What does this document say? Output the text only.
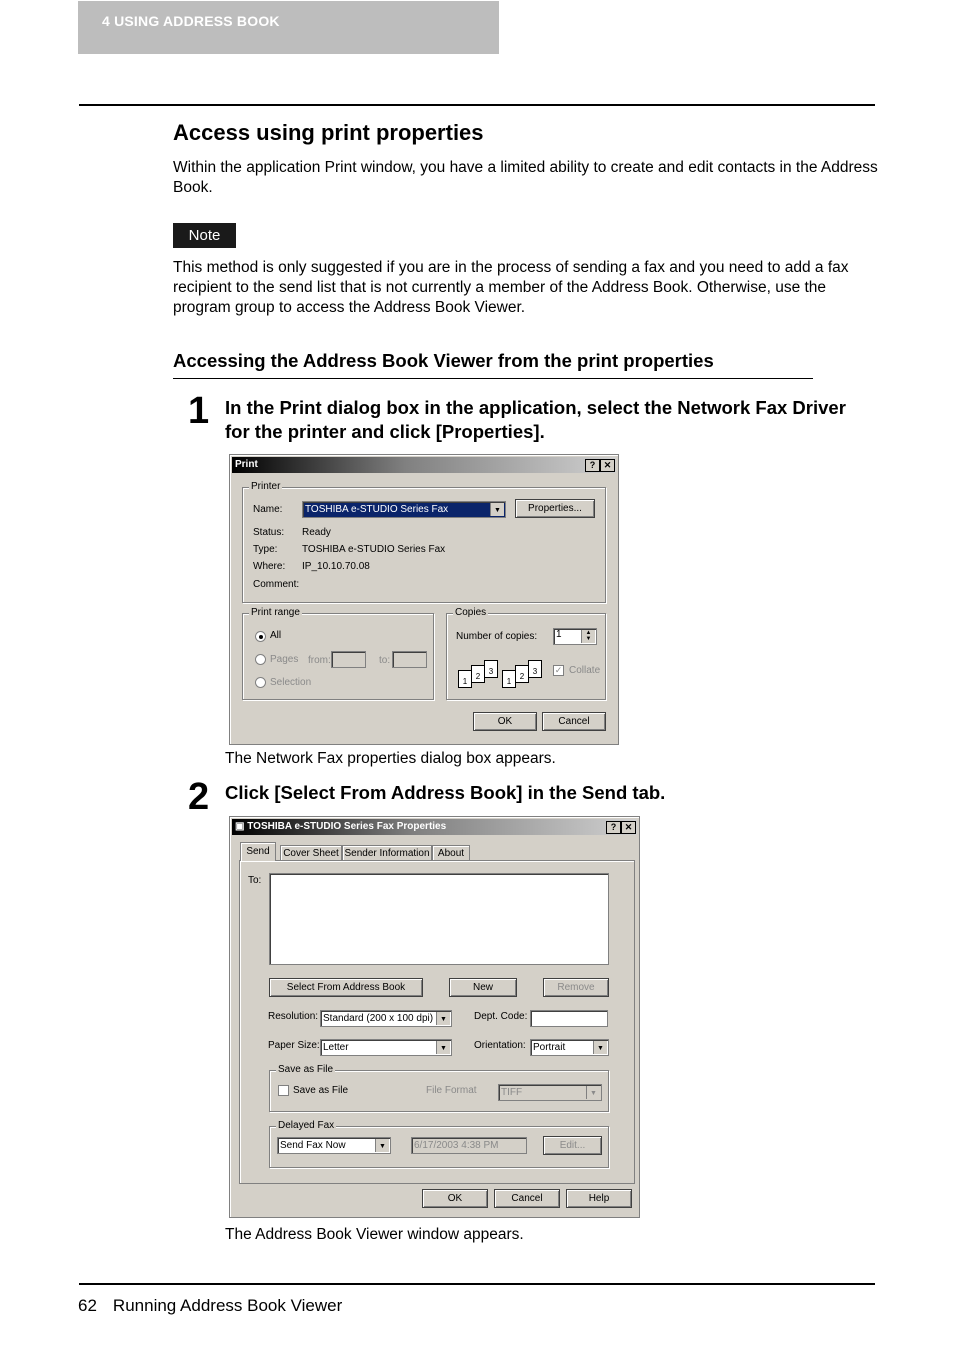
4 USING ADDRESS BOOK
Access using print properties

Within the application Print window, you have a limited ability to create and edit contacts in the Address Book.

Note

This method is only suggested if you are in the process of sending a fax and you need to add a fax recipient to the send list that is not currently a member of the Address Book. Otherwise, use the program group to access the Address Book Viewer.

Accessing the Address Book Viewer from the print properties
1 In the Print dialog box in the application, select the Network Fax Driver for the printer and click [Properties].

Print	? ✕
Printer
Name:	TOSHIBA e-STUDIO Series Fax	▼	Properties...
Status: Ready
Type: TOSHIBA e-STUDIO Series Fax
Where: IP_10.10.70.08
Comment:
Print range
All
Pages from:	to:
Selection
Copies
Number of copies:	1	▲
▼
1
2
3
1
2
3	✓ Collate
OK	Cancel
The Network Fax properties dialog box appears.
2 Click [Select From Address Book] in the Send tab.

▣ TOSHIBA e-STUDIO Series Fax Properties	? ✕
Send	Cover Sheet Sender Information About
To:
Select From Address Book	New	Remove
Resolution: Standard (200 x 100 dpi) ▼	Dept. Code:
Paper Size: Letter	▼	Orientation: Portrait	▼
Save as File
Save as File	File Format	TIFF	▼
Delayed Fax
Send Fax Now	▼	6/17/2003 4:38 PM	Edit...
OK	Cancel	Help
The Address Book Viewer window appears.
62 Running Address Book Viewer
